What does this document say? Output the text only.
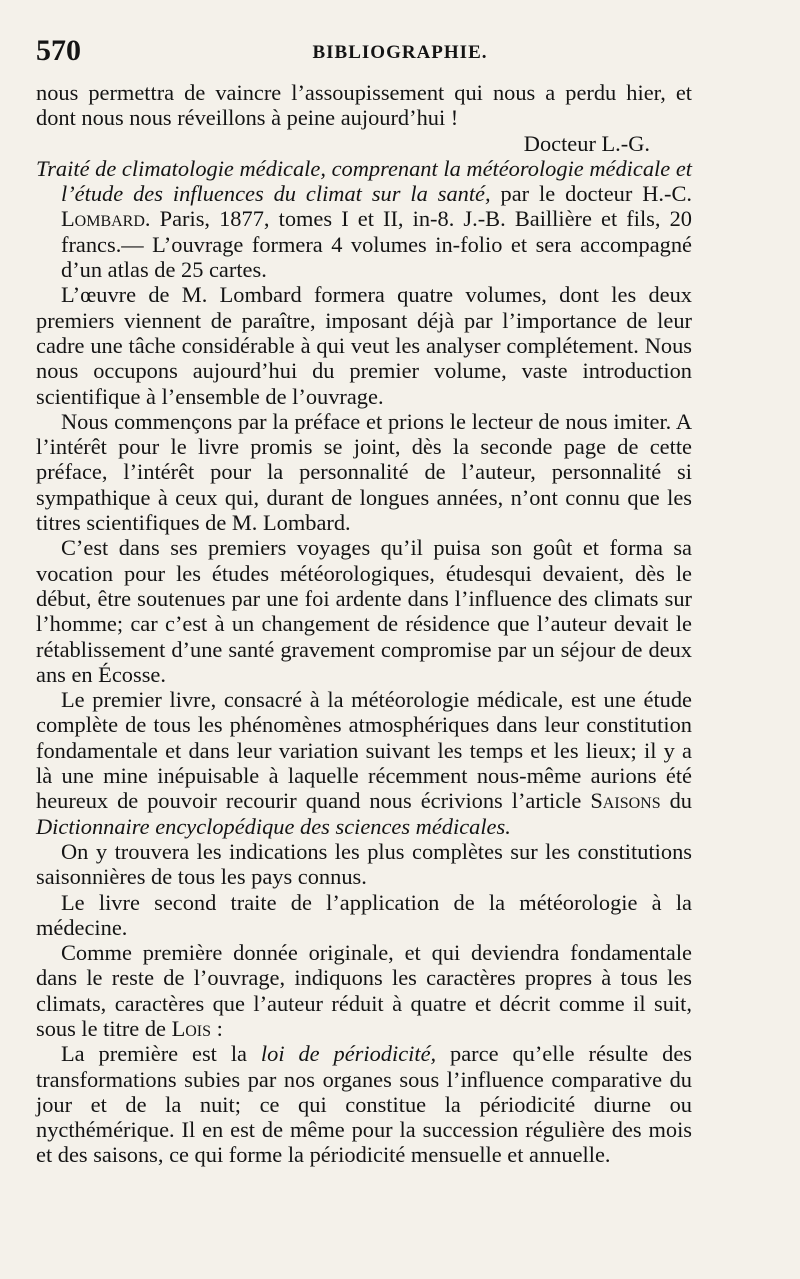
570	BIBLIOGRAPHIE.

nous permettra de vaincre l’assoupissement qui nous a perdu hier, et dont nous nous réveillons à peine aujourd’hui !

Docteur L.-G.

Traité de climatologie médicale, comprenant la météorologie médicale et l’étude des influences du climat sur la santé, par le docteur H.-C. Lombard. Paris, 1877, tomes I et II, in-8. J.-B. Baillière et fils, 20 francs.— L’ouvrage formera 4 volumes in-folio et sera accompagné d’un atlas de 25 cartes.

L’œuvre de M. Lombard formera quatre volumes, dont les deux premiers viennent de paraître, imposant déjà par l’importance de leur cadre une tâche considérable à qui veut les analyser complétement. Nous nous occupons aujourd’hui du premier volume, vaste introduction scientifique à l’ensemble de l’ouvrage.

Nous commençons par la préface et prions le lecteur de nous imiter. A l’intérêt pour le livre promis se joint, dès la seconde page de cette préface, l’intérêt pour la personnalité de l’auteur, personnalité si sympathique à ceux qui, durant de longues années, n’ont connu que les titres scientifiques de M. Lombard.

C’est dans ses premiers voyages qu’il puisa son goût et forma sa vocation pour les études météorologiques, étudesqui devaient, dès le début, être soutenues par une foi ardente dans l’influence des climats sur l’homme; car c’est à un changement de résidence que l’auteur devait le rétablissement d’une santé gravement compromise par un séjour de deux ans en Écosse.

Le premier livre, consacré à la météorologie médicale, est une étude complète de tous les phénomènes atmosphériques dans leur constitution fondamentale et dans leur variation suivant les temps et les lieux; il y a là une mine inépuisable à laquelle récemment nous-même aurions été heureux de pouvoir recourir quand nous écrivions l’article Saisons du Dictionnaire encyclopédique des sciences médicales.

On y trouvera les indications les plus complètes sur les constitutions saisonnières de tous les pays connus.

Le livre second traite de l’application de la météorologie à la médecine.

Comme première donnée originale, et qui deviendra fondamentale dans le reste de l’ouvrage, indiquons les caractères propres à tous les climats, caractères que l’auteur réduit à quatre et décrit comme il suit, sous le titre de Lois :

La première est la loi de périodicité, parce qu’elle résulte des transformations subies par nos organes sous l’influence comparative du jour et de la nuit; ce qui constitue la périodicité diurne ou nycthémérique. Il en est de même pour la succession régulière des mois et des saisons, ce qui forme la périodicité mensuelle et annuelle.
